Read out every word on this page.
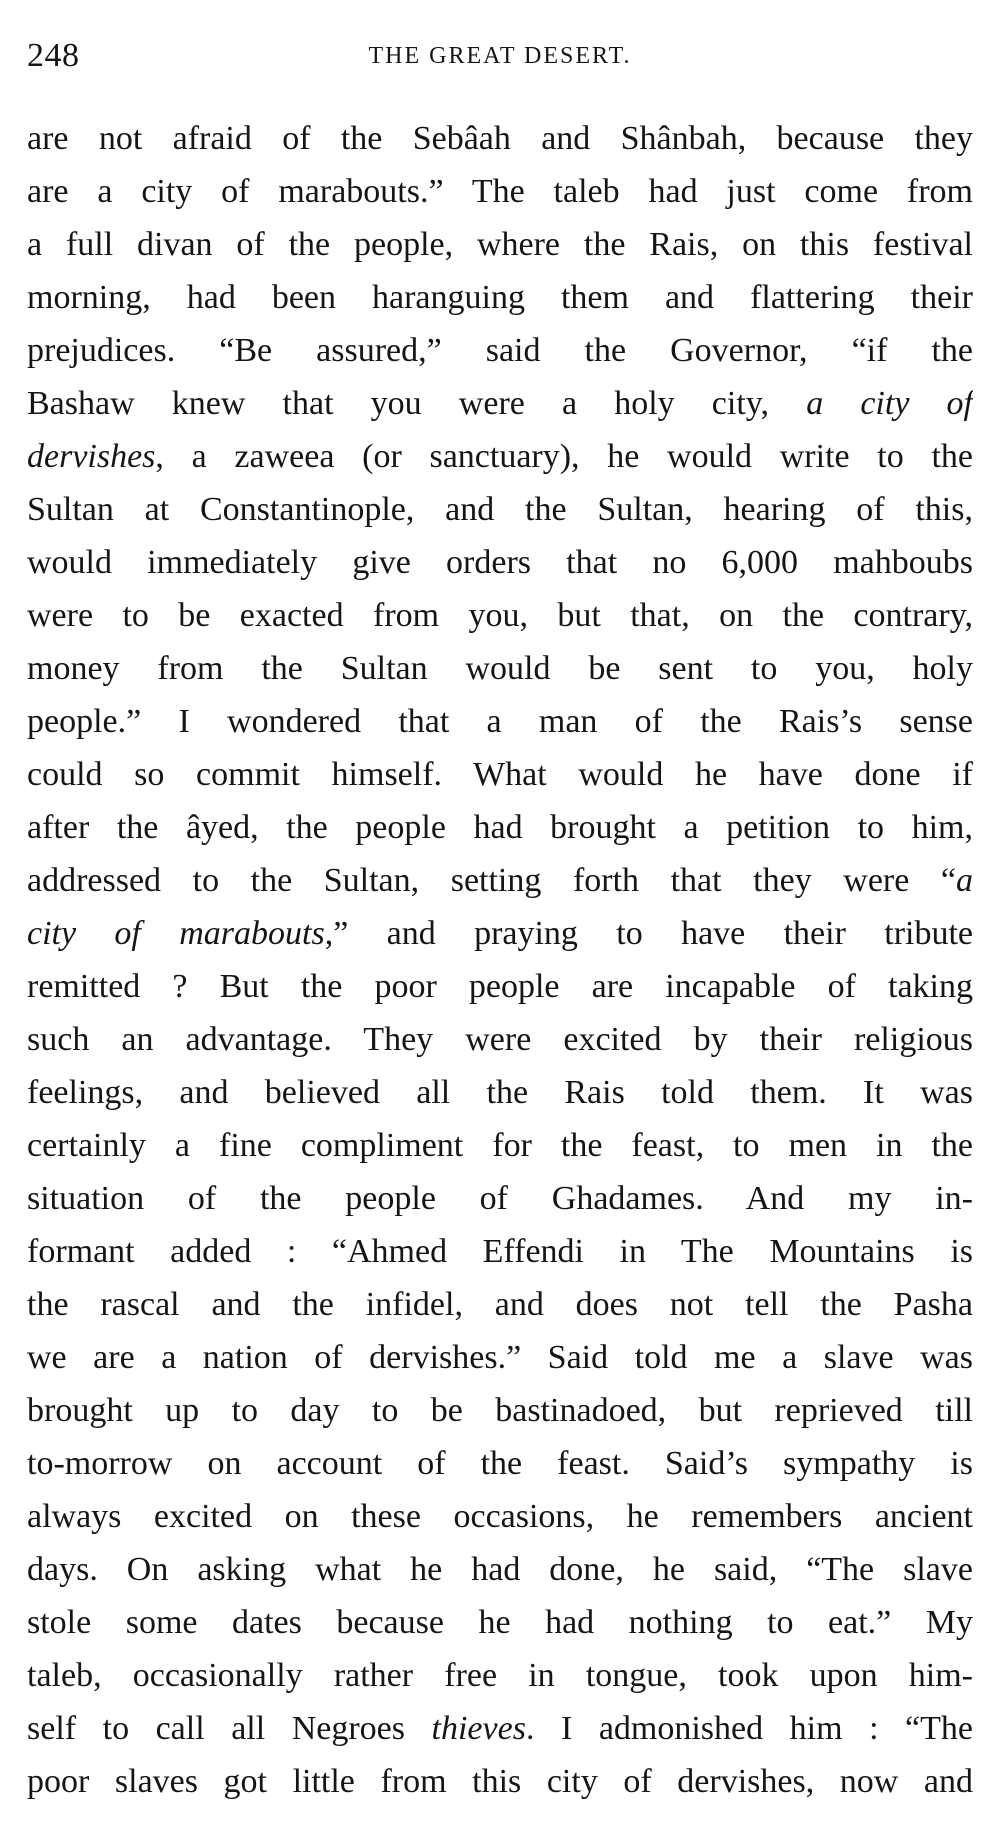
248	THE GREAT DESERT.
are not afraid of the Sebâah and Shânbah, because they
are a city of marabouts.” The taleb had just come from
a full divan of the people, where the Rais, on this festival
morning, had been haranguing them and flattering their
prejudices. “Be assured,” said the Governor, “if the
Bashaw knew that you were a holy city, a city of
dervishes, a zaweea (or sanctuary), he would write to the
Sultan at Constantinople, and the Sultan, hearing of this,
would immediately give orders that no 6,000 mahboubs
were to be exacted from you, but that, on the contrary,
money from the Sultan would be sent to you, holy
people.” I wondered that a man of the Rais’s sense
could so commit himself. What would he have done if
after the âyed, the people had brought a petition to him,
addressed to the Sultan, setting forth that they were “a
city of marabouts,” and praying to have their tribute
remitted ? But the poor people are incapable of taking
such an advantage. They were excited by their religious
feelings, and believed all the Rais told them. It was
certainly a fine compliment for the feast, to men in the
situation of the people of Ghadames. And my in-
formant added : “Ahmed Effendi in The Mountains is
the rascal and the infidel, and does not tell the Pasha
we are a nation of dervishes.” Said told me a slave was
brought up to day to be bastinadoed, but reprieved till
to-morrow on account of the feast. Said’s sympathy is
always excited on these occasions, he remembers ancient
days. On asking what he had done, he said, “The slave
stole some dates because he had nothing to eat.” My
taleb, occasionally rather free in tongue, took upon him-
self to call all Negroes thieves. I admonished him : “The
poor slaves got little from this city of dervishes, now and
